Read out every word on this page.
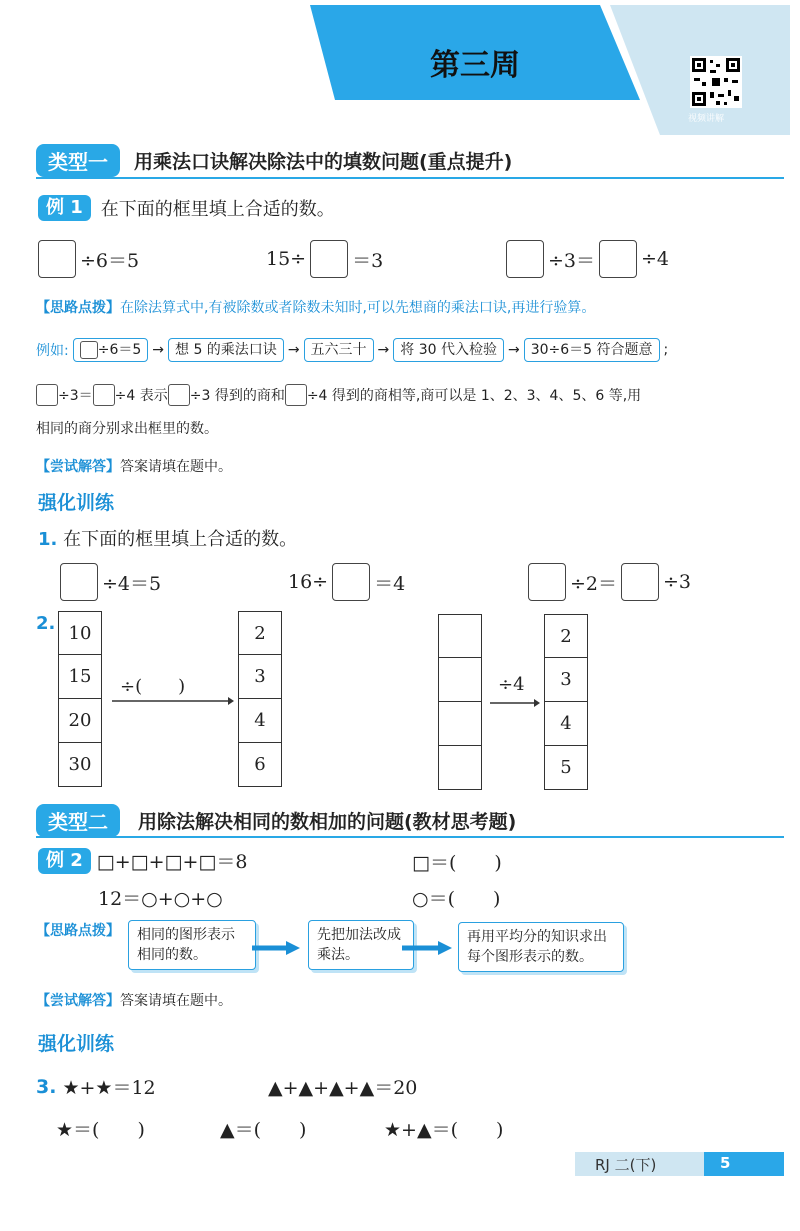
第三周
视频讲解
类型一	用乘法口诀解决除法中的填数问题(重点提升)
例 1	在下面的框里填上合适的数。
÷6＝5	15÷ ＝3	÷3＝ ÷4
【思路点拨】在除法算式中,有被除数或者除数未知时,可以先想商的乘法口诀,再进行验算。
例如:	÷6＝5 → 想 5 的乘法口诀 → 五六三十 → 将 30 代入检验 → 30÷6＝5 符合题意 ;
÷3＝ ÷4 表示 ÷3 得到的商和 ÷4 得到的商相等,商可以是 1、2、3、4、5、6 等,用
相同的商分别求出框里的数。
【尝试解答】答案请填在题中。
强化训练
1. 在下面的框里填上合适的数。
÷4＝5	16÷ ＝4	÷2＝ ÷3
2. 10
15
20
30
÷(　　)
2
3
4
6
÷4
2
3
4
5
类型二	用除法解决相同的数相加的问题(教材思考题)
例 2 □+□+□+□＝8	□＝(　　)
12＝○+○+○	○＝(　　)
【思路点拨】	相同的图形表示相同的数。
先把加法改成乘法。
再用平均分的知识求出每个图形表示的数。
【尝试解答】答案请填在题中。
强化训练
3. ★+★＝12	▲+▲+▲+▲＝20
★＝(　　)	▲＝(　　)	★+▲＝(　　)
RJ 二(下)	5
